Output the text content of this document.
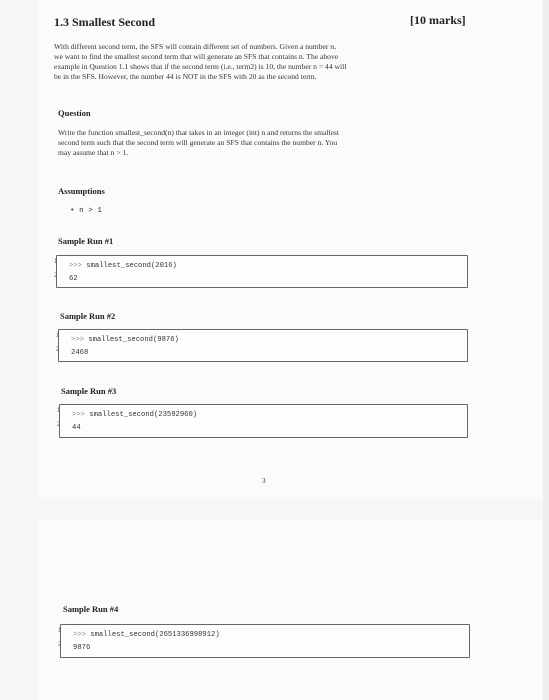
1.3 Smallest Second	[10 marks]
With different second term, the SFS will contain different set of numbers. Given a number n,
we want to find the smallest second term that will generate an SFS that contains n. The above
example in Question 1.1 shows that if the second term (i.e., term2) is 10, the number n = 44 will
be in the SFS. However, the number 44 is NOT in the SFS with 20 as the second term.
Question
Write the function smallest_second(n) that takes in an integer (int) n and returns the smallest
second term such that the second term will generate an SFS that contains the number n. You
may assume that n > 1.
Assumptions
• n > 1
Sample Run #1
1
2
>>> smallest_second(2016)
62
Sample Run #2
1
2
>>> smallest_second(9876)
2468
Sample Run #3
1
2
>>> smallest_second(23592960)
44
3
Sample Run #4
1
2
>>> smallest_second(2651336998912)
9876
